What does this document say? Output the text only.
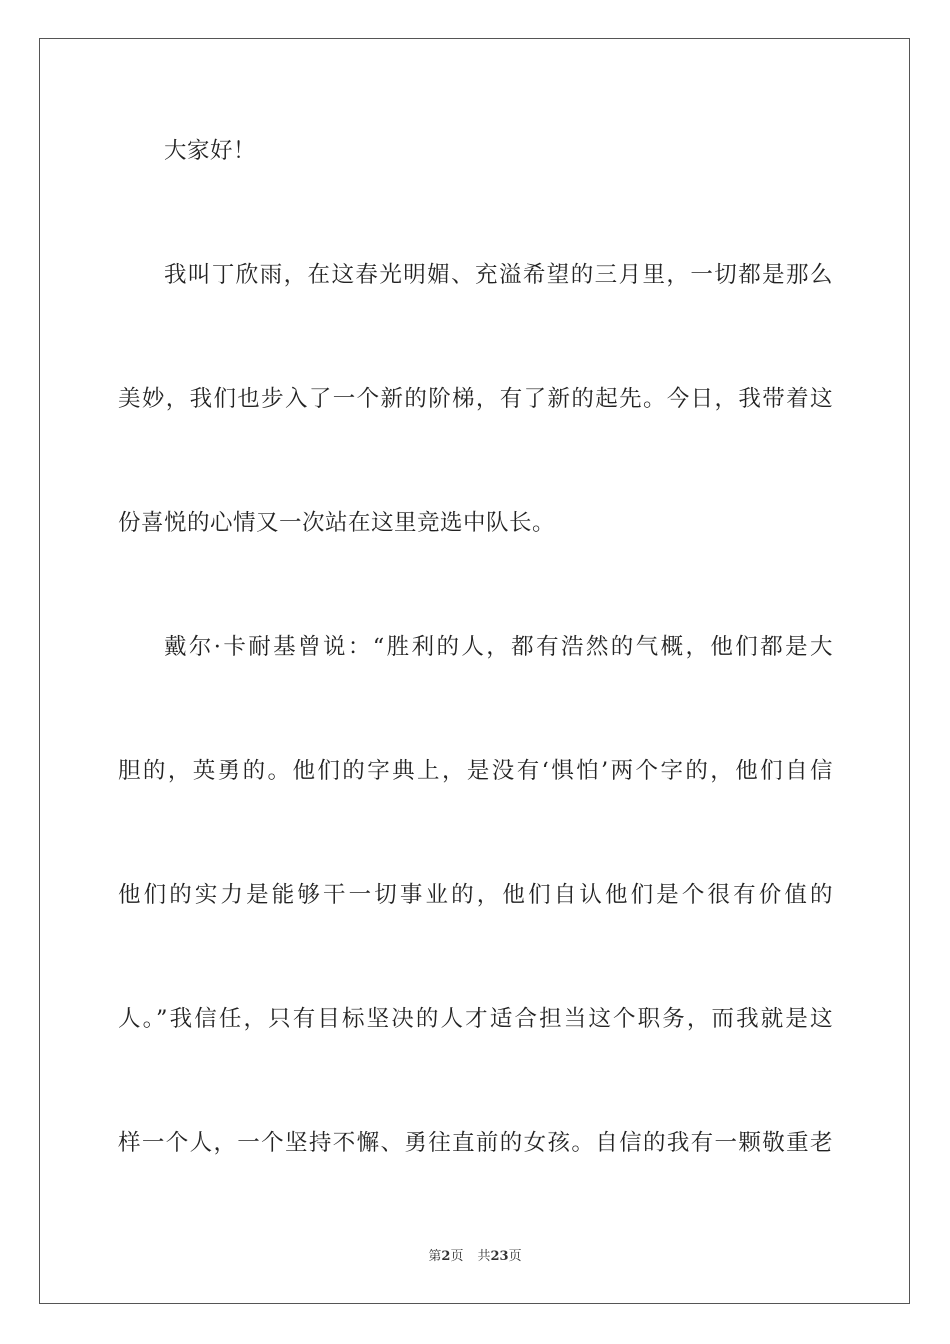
大家好！
我叫丁欣雨，在这春光明媚、充溢希望的三月里，一切都是那么
美妙，我们也步入了一个新的阶梯，有了新的起先。今日，我带着这
份喜悦的心情又一次站在这里竞选中队长。
戴尔·卡耐基曾说：“胜利的人，都有浩然的气概，他们都是大
胆的，英勇的。他们的字典上，是没有‘惧怕’两个字的，他们自信
他们的实力是能够干一切事业的，他们自认他们是个很有价值的
人。”我信任，只有目标坚决的人才适合担当这个职务，而我就是这
样一个人，一个坚持不懈、勇往直前的女孩。自信的我有一颗敬重老
第2页 共23页
